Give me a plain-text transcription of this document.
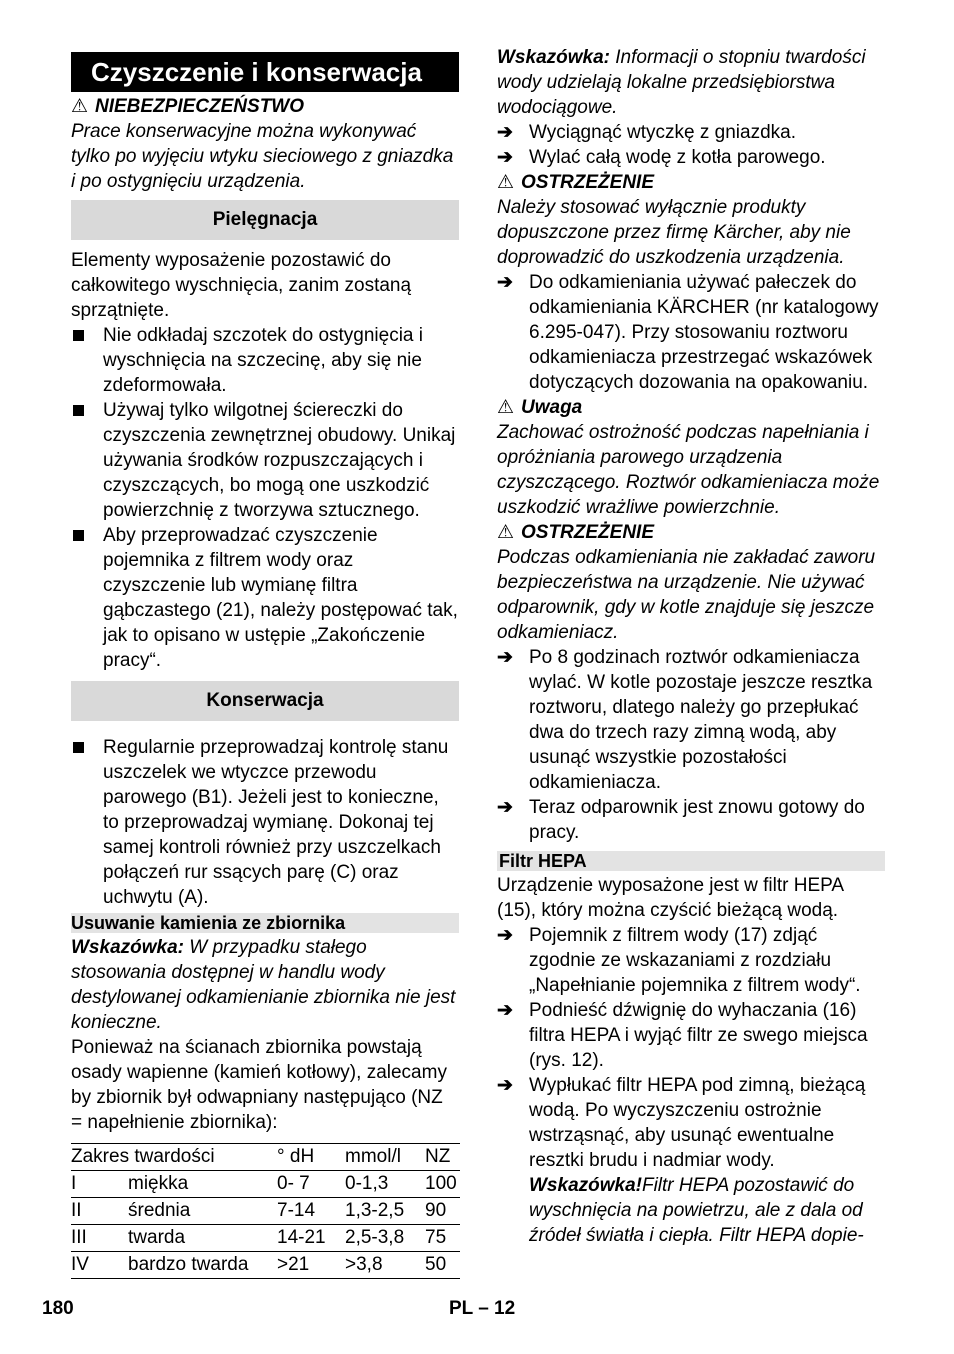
Czyszczenie i konserwacja
⚠ NIEBEZPIECZEŃSTWO
Prace konserwacyjne można wykonywać tylko po wyjęciu wtyku sieciowego z gniazdka i po ostygnięciu urządzenia.
Pielęgnacja
Elementy wyposażenie pozostawić do całkowitego wyschnięcia, zanim zostaną sprzątnięte.
Nie odkładaj szczotek do ostygnięcia i wyschnięcia na szczecinę, aby się nie zdeformowała.
Używaj tylko wilgotnej ściereczki do czyszczenia zewnętrznej obudowy. Unikaj używania środków rozpuszczających i czyszczących, bo mogą one uszkodzić powierzchnię z tworzywa sztucznego.
Aby przeprowadzać czyszczenie pojemnika z filtrem wody oraz czyszczenie lub wymianę filtra gąbczastego (21), należy postępować tak, jak to opisano w ustępie „Zakończenie pracy“.
Konserwacja
Regularnie przeprowadzaj kontrolę stanu uszczelek we wtyczce przewodu parowego (B1). Jeżeli jest to konieczne, to przeprowadzaj wymianę. Dokonaj tej samej kontroli również przy uszczelkach połączeń rur ssących parę (C) oraz uchwytu (A).
Usuwanie kamienia ze zbiornika
Wskazówka: W przypadku stałego stosowania dostępnej w handlu wody destylowanej odkamienianie zbiornika nie jest konieczne.
Ponieważ na ścianach zbiornika powstają osady wapienne (kamień kotłowy), zalecamy by zbiornik był odwapniany następująco (NZ = napełnienie zbiornika):
Zakres twardości		° dH	mmol/l	NZ
I	miękka	0- 7	0-1,3	100
II	średnia	7-14	1,3-2,5	90
III	twarda	14-21	2,5-3,8	75
IV	bardzo twarda	>21	>3,8	50
Wskazówka: Informacji o stopniu twardości wody udzielają lokalne przedsiębiorstwa wodociągowe.
➔ Wyciągnąć wtyczkę z gniazdka.
➔ Wylać całą wodę z kotła parowego.
⚠ OSTRZEŻENIE
Należy stosować wyłącznie produkty dopuszczone przez firmę Kärcher, aby nie doprowadzić do uszkodzenia urządzenia.
➔ Do odkamieniania używać pałeczek do odkamieniania KÄRCHER (nr katalogowy 6.295-047). Przy stosowaniu roztworu odkamieniacza przestrzegać wskazówek dotyczących dozowania na opakowaniu.
⚠ Uwaga
Zachować ostrożność podczas napełniania i opróżniania parowego urządzenia czyszczącego. Roztwór odkamieniacza może uszkodzić wrażliwe powierzchnie.
⚠ OSTRZEŻENIE
Podczas odkamieniania nie zakładać zaworu bezpieczeństwa na urządzenie. Nie używać odparownik, gdy w kotle znajduje się jeszcze odkamieniacz.
➔ Po 8 godzinach roztwór odkamieniacza wylać. W kotle pozostaje jeszcze resztka roztworu, dlatego należy go przepłukać dwa do trzech razy zimną wodą, aby usunąć wszystkie pozostałości odkamieniacza.
➔ Teraz odparownik jest znowu gotowy do pracy.
Filtr HEPA
Urządzenie wyposażone jest w filtr HEPA (15), który można czyścić bieżącą wodą.
➔ Pojemnik z filtrem wody (17) zdjąć zgodnie ze wskazaniami z rozdziału „Napełnianie pojemnika z filtrem wody“.
➔ Podnieść dźwignię do wyhaczania (16) filtra HEPA i wyjąć filtr ze swego miejsca (rys. 12).
➔ Wypłukać filtr HEPA pod zimną, bieżącą wodą. Po wyczyszczeniu ostrożnie wstrząsnąć, aby usunąć ewentualne resztki brudu i nadmiar wody.
Wskazówka!Filtr HEPA pozostawić do wyschnięcia na powietrzu, ale z dala od źródeł światła i ciepła. Filtr HEPA dopie-
180	PL – 12
